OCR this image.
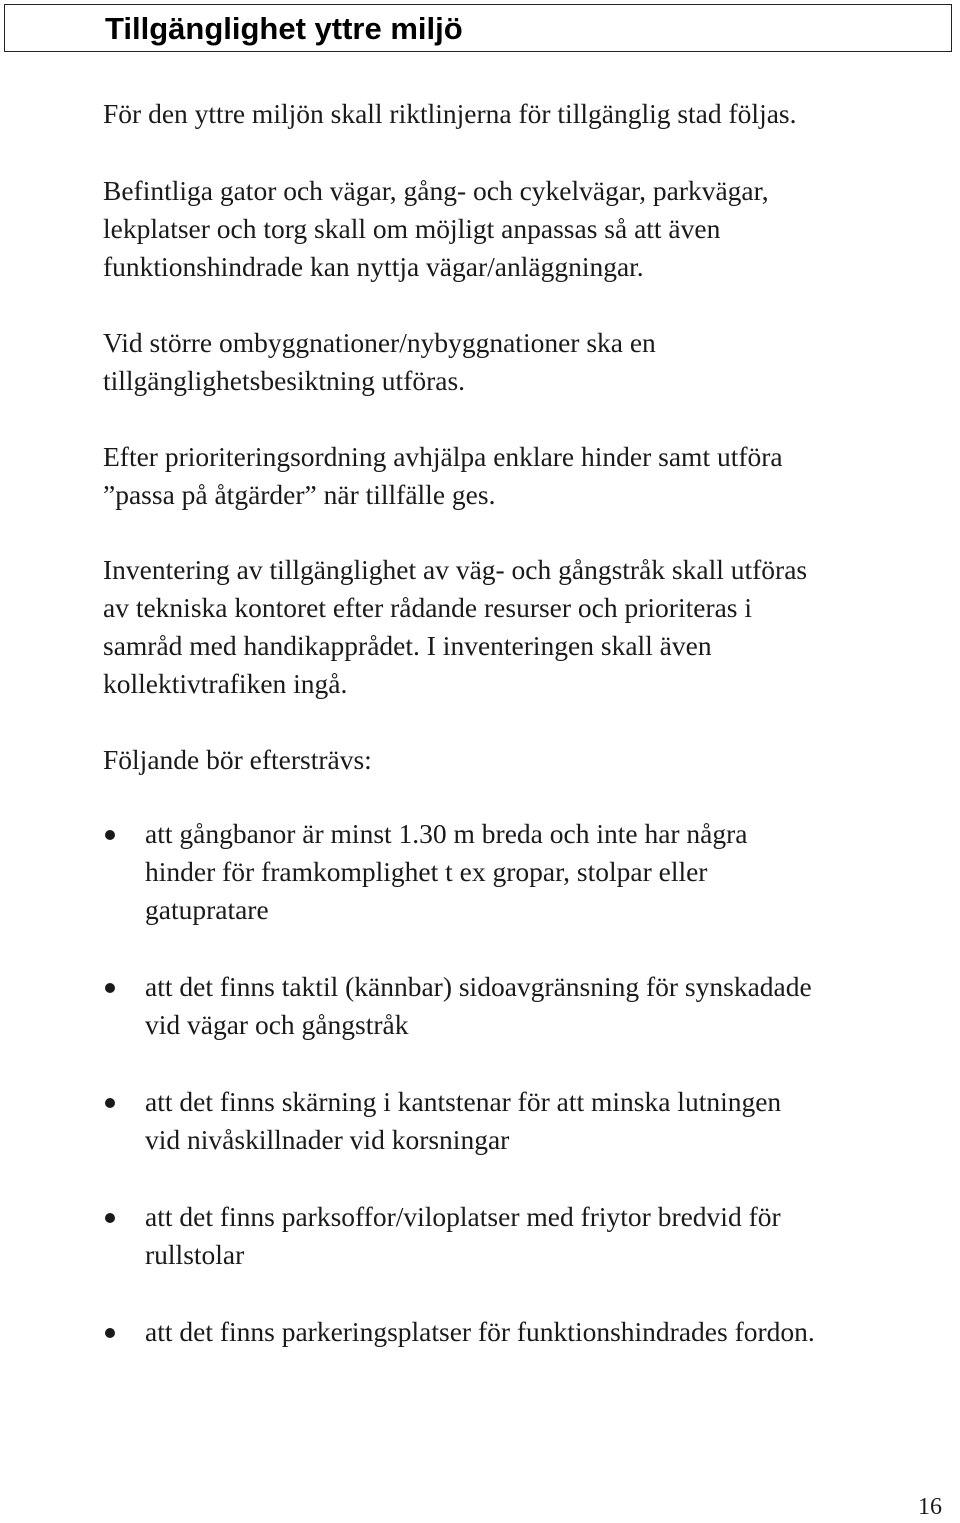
Tillgänglighet yttre miljö

För den yttre miljön skall riktlinjerna för tillgänglig stad följas.

Befintliga gator och vägar, gång- och cykelvägar, parkvägar,
lekplatser och torg skall om möjligt anpassas så att även
funktionshindrade kan nyttja vägar/anläggningar.

Vid större ombyggnationer/nybyggnationer ska en
tillgänglighetsbesiktning utföras.

Efter prioriteringsordning avhjälpa enklare hinder samt utföra
”passa på åtgärder” när tillfälle ges.

Inventering av tillgänglighet av väg- och gångstråk skall utföras
av tekniska kontoret efter rådande resurser och prioriteras i
samråd med handikapprådet. I inventeringen skall även
kollektivtrafiken ingå.

Följande bör eftersträvs:

att gångbanor är minst 1.30 m breda och inte har några
hinder för framkomplighet t ex gropar, stolpar eller
gatupratare
att det finns taktil (kännbar) sidoavgränsning för synskadade
vid vägar och gångstråk
att det finns skärning i kantstenar för att minska lutningen
vid nivåskillnader vid korsningar
att det finns parksoffor/viloplatser med friytor bredvid för
rullstolar
att det finns parkeringsplatser för funktionshindrades fordon.
16
